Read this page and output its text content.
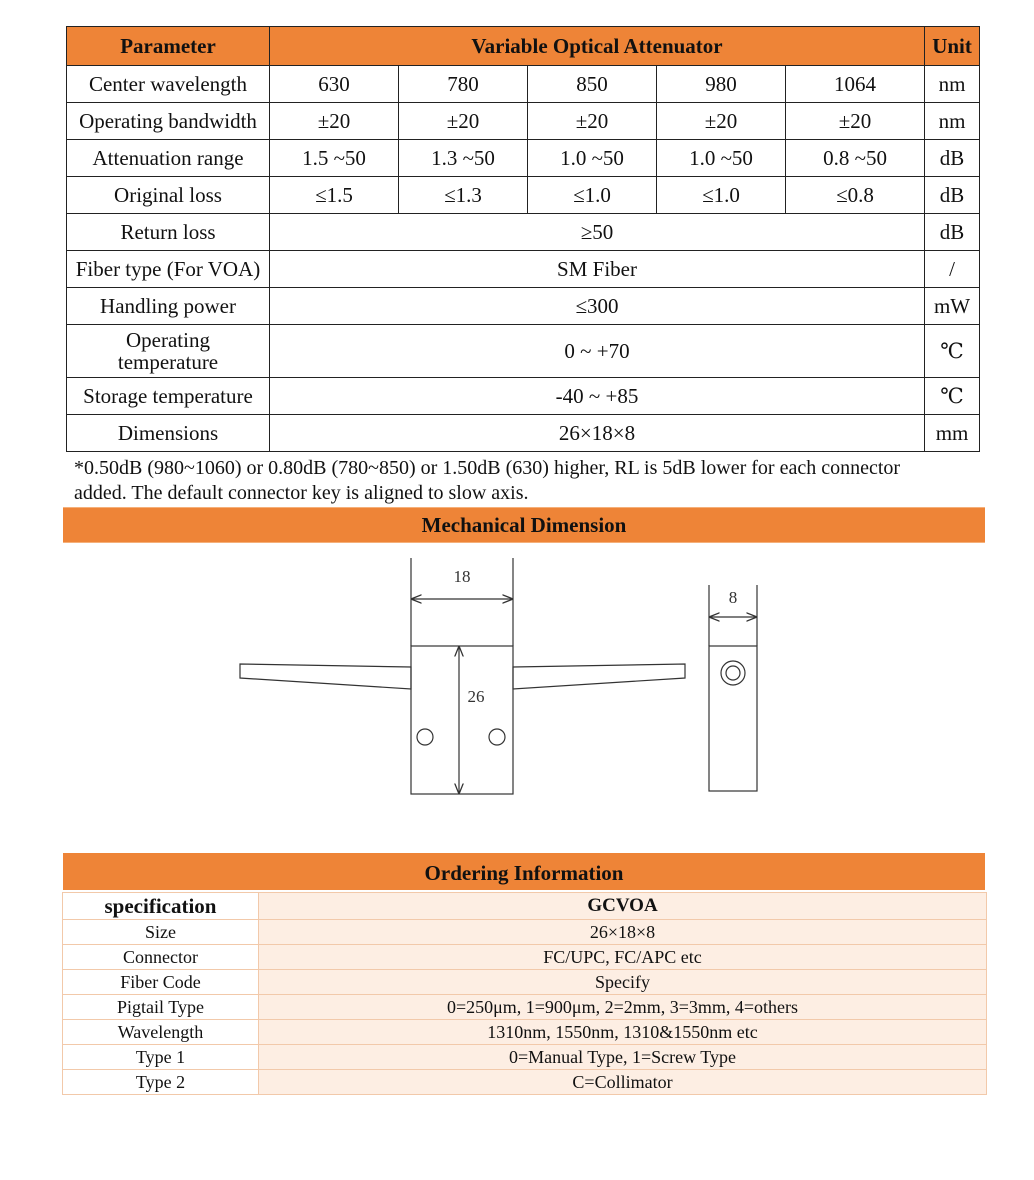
Parameter	Variable Optical Attenuator					Unit
Center wavelength	630	780	850	980	1064	nm
Operating bandwidth	±20	±20	±20	±20	±20	nm
Attenuation range	1.5 ~50	1.3 ~50	1.0 ~50	1.0 ~50	0.8 ~50	dB
Original loss	≤1.5	≤1.3	≤1.0	≤1.0	≤0.8	dB
Return loss	≥50					dB
Fiber type (For VOA)	SM Fiber					/
Handling power	≤300					mW
Operating temperature	0 ~ +70					℃
Storage temperature	-40 ~ +85					℃
Dimensions	26×18×8					mm
*0.50dB (980~1060) or 0.80dB (780~850) or 1.50dB (630) higher, RL is 5dB lower for each connector added. The default connector key is aligned to slow axis.
Mechanical Dimension
18
26
8
Ordering Information
specification	GCVOA
Size	26×18×8
Connector	FC/UPC, FC/APC etc
Fiber Code	Specify
Pigtail Type	0=250μm, 1=900μm, 2=2mm, 3=3mm, 4=others
Wavelength	1310nm, 1550nm, 1310&1550nm etc
Type 1	0=Manual Type, 1=Screw Type
Type 2	C=Collimator
